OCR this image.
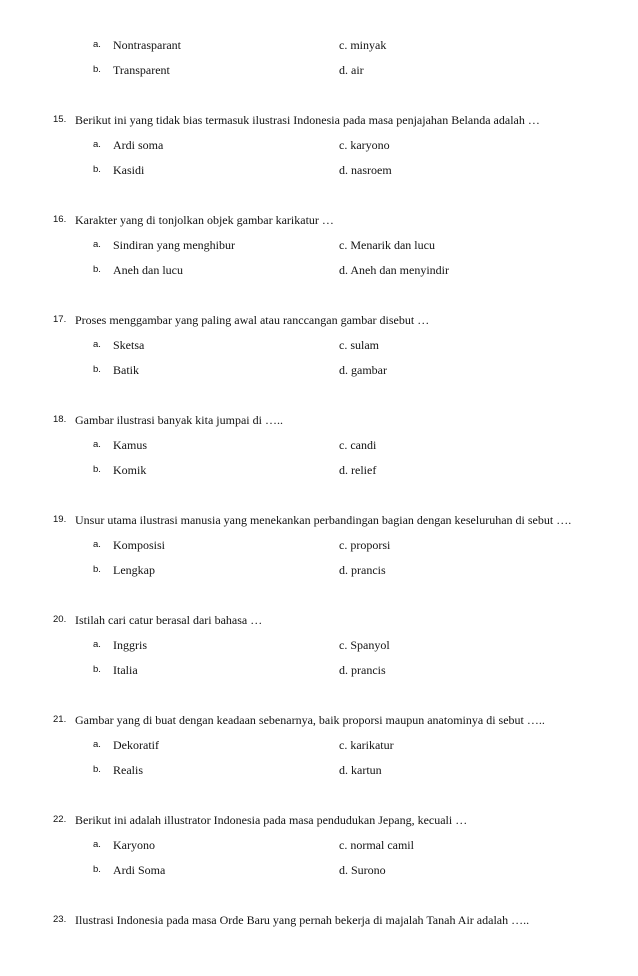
a. Nontrasparant	c. minyak
b. Transparent	d. air
15. Berikut ini yang tidak bias termasuk ilustrasi Indonesia pada masa penjajahan Belanda adalah …
a. Ardi soma	c. karyono
b. Kasidi	d. nasroem
16. Karakter yang di tonjolkan objek gambar karikatur …
a. Sindiran yang menghibur	c. Menarik dan lucu
b. Aneh dan lucu	d. Aneh dan menyindir
17. Proses menggambar yang paling awal atau ranccangan gambar disebut …
a. Sketsa	c. sulam
b. Batik	d. gambar
18. Gambar ilustrasi banyak kita jumpai di …..
a. Kamus	c. candi
b. Komik	d. relief
19. Unsur utama ilustrasi manusia yang menekankan perbandingan bagian dengan keseluruhan di sebut ….
a. Komposisi	c. proporsi
b. Lengkap	d. prancis
20. Istilah cari catur berasal dari bahasa …
a. Inggris	c. Spanyol
b. Italia	d. prancis
21. Gambar yang di buat dengan keadaan sebenarnya, baik proporsi maupun anatominya di sebut …..
a. Dekoratif	c. karikatur
b. Realis	d. kartun
22. Berikut ini adalah illustrator Indonesia pada masa pendudukan Jepang, kecuali …
a. Karyono	c. normal camil
b. Ardi Soma	d. Surono
23. Ilustrasi Indonesia pada masa Orde Baru yang pernah bekerja di majalah Tanah Air adalah …..
